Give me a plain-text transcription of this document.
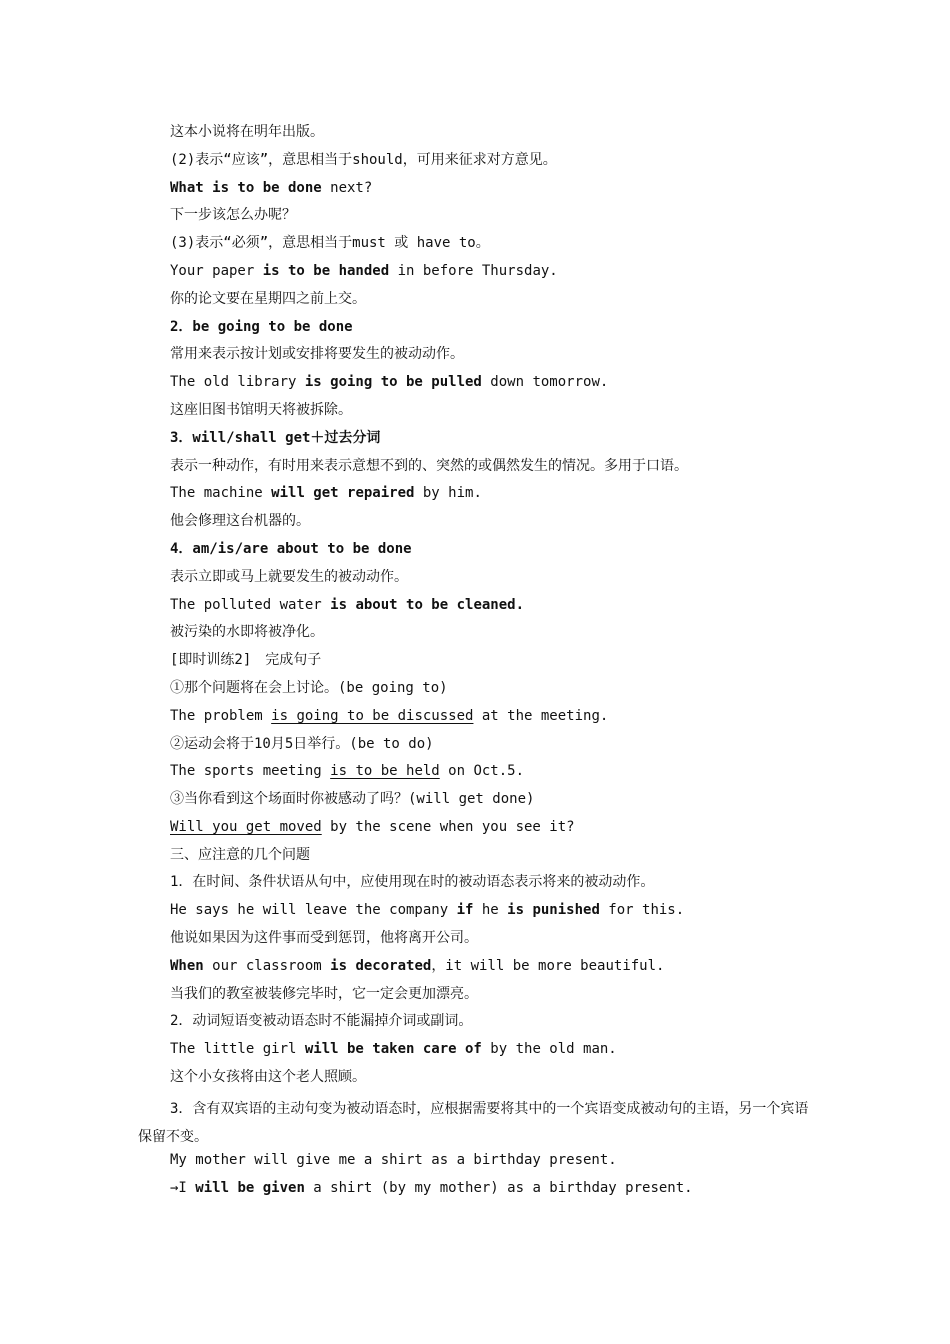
这本小说将在明年出版。
(2)表示“应该”，意思相当于should，可用来征求对方意见。
What is to be done next?
下一步该怎么办呢？
(3)表示“必须”，意思相当于must 或 have to。
Your paper is to be handed in before Thursday.
你的论文要在星期四之前上交。
2．be going to be done
常用来表示按计划或安排将要发生的被动动作。
The old library is going to be pulled down tomorrow.
这座旧图书馆明天将被拆除。
3．will/shall get＋过去分词
表示一种动作，有时用来表示意想不到的、突然的或偶然发生的情况。多用于口语。
The machine will get repaired by him.
他会修理这台机器的。
4．am/is/are about to be done
表示立即或马上就要发生的被动动作。
The polluted water is about to be cleaned.
被污染的水即将被净化。
[即时训练2]　完成句子
①那个问题将在会上讨论。(be going to)
The problem is going to be discussed at the meeting.
②运动会将于10月5日举行。(be to do)
The sports meeting is to be held on Oct.5.
③当你看到这个场面时你被感动了吗？(will get done)
Will you get moved by the scene when you see it?
三、应注意的几个问题
1．在时间、条件状语从句中，应使用现在时的被动语态表示将来的被动动作。
He says he will leave the company if he is punished for this.
他说如果因为这件事而受到惩罚，他将离开公司。
When our classroom is decorated，it will be more beautiful.
当我们的教室被装修完毕时，它一定会更加漂亮。
2．动词短语变被动语态时不能漏掉介词或副词。
The little girl will be taken care of by the old man.
这个小女孩将由这个老人照顾。
3．含有双宾语的主动句变为被动语态时，应根据需要将其中的一个宾语变成被动句的主语，另一个宾语保留不变。
My mother will give me a shirt as a birthday present.
→I will be given a shirt (by my mother) as a birthday present.
